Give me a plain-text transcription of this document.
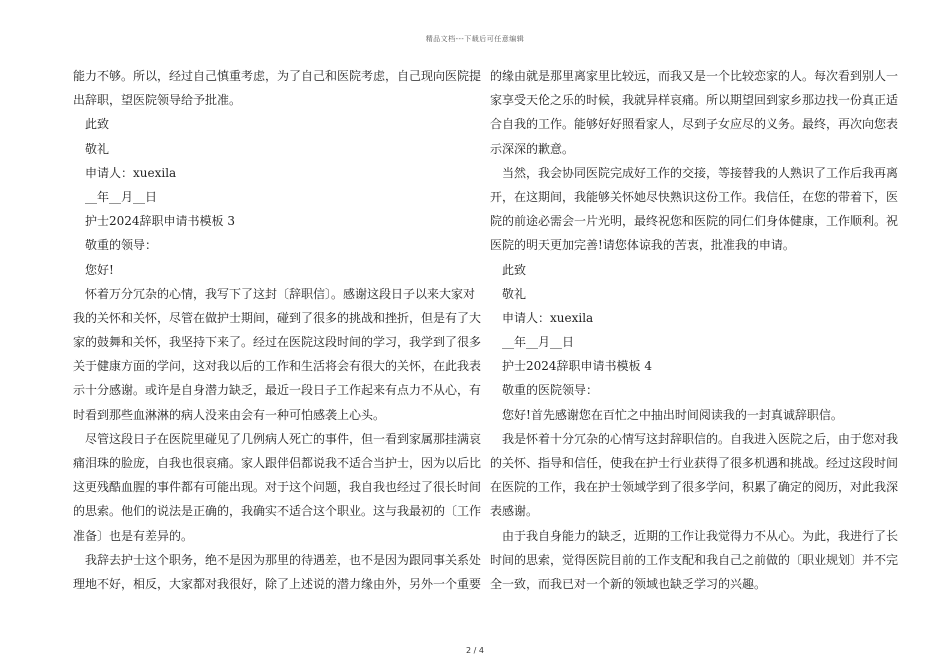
精品文档---下载后可任意编辑
能力不够。所以，经过自己慎重考虑，为了自己和医院考虑，自己现向医院提
出辞职，望医院领导给予批准。
此致
敬礼
申请人：xuexila
__年__月__日
护士2024辞职申请书模板 3
敬重的领导：
您好!
怀着万分冗杂的心情，我写下了这封〔辞职信〕。感谢这段日子以来大家对
我的关怀和关怀，尽管在做护士期间，碰到了很多的挑战和挫折，但是有了大
家的鼓舞和关怀，我坚持下来了。经过在医院这段时间的学习，我学到了很多
关于健康方面的学问，这对我以后的工作和生活将会有很大的关怀，在此我表
示十分感谢。或许是自身潜力缺乏，最近一段日子工作起来有点力不从心，有
时看到那些血淋淋的病人没来由会有一种可怕感袭上心头。
尽管这段日子在医院里碰见了几例病人死亡的事件，但一看到家属那挂满哀
痛泪珠的脸庞，自我也很哀痛。家人跟伴侣都说我不适合当护士，因为以后比
这更残酷血腥的事件都有可能出现。对于这个问题，我自我也经过了很长时间
的思索。他们的说法是正确的，我确实不适合这个职业。这与我最初的〔工作
准备〕也是有差异的。
我辞去护士这个职务，绝不是因为那里的待遇差，也不是因为跟同事关系处
理地不好，相反，大家都对我很好，除了上述说的潜力缘由外，另外一个重要
的缘由就是那里离家里比较远，而我又是一个比较恋家的人。每次看到别人一
家享受天伦之乐的时候，我就异样哀痛。所以期望回到家乡那边找一份真正适
合自我的工作。能够好好照看家人，尽到子女应尽的义务。最终，再次向您表
示深深的歉意。
当然，我会协同医院完成好工作的交接，等接替我的人熟识了工作后我再离
开，在这期间，我能够关怀她尽快熟识这份工作。我信任，在您的带着下，医
院的前途必需会一片光明，最终祝您和医院的同仁们身体健康，工作顺利。祝
医院的明天更加完善!请您体谅我的苦衷，批准我的申请。
此致
敬礼
申请人：xuexila
__年__月__日
护士2024辞职申请书模板 4
敬重的医院领导：
您好!首先感谢您在百忙之中抽出时间阅读我的一封真诚辞职信。
我是怀着十分冗杂的心情写这封辞职信的。自我进入医院之后，由于您对我
的关怀、指导和信任，使我在护士行业获得了很多机遇和挑战。经过这段时间
在医院的工作，我在护士领域学到了很多学问，积累了确定的阅历，对此我深
表感谢。
由于我自身能力的缺乏，近期的工作让我觉得力不从心。为此，我进行了长
时间的思索，觉得医院目前的工作支配和我自己之前做的〔职业规划〕并不完
全一致，而我已对一个新的领域也缺乏学习的兴趣。
2 / 4
